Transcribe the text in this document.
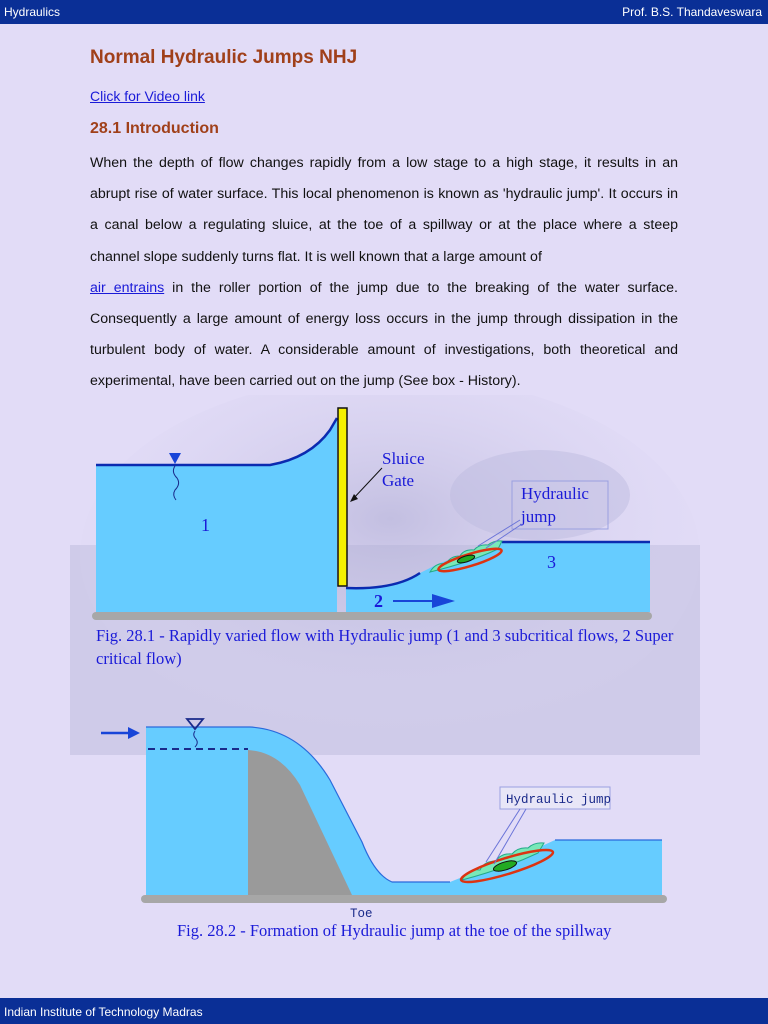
Hydraulics	Prof. B.S. Thandaveswara
Normal Hydraulic Jumps NHJ
Click for Video link
28.1 Introduction
When the depth of flow changes rapidly from a low stage to a high stage, it results in an abrupt rise of water surface. This local phenomenon is known as 'hydraulic jump'. It occurs in a canal below a regulating sluice, at the toe of a spillway or at the place where a steep channel slope suddenly turns flat. It is well known that a large amount of
air entrains in the roller portion of the jump due to the breaking of the water surface. Consequently a large amount of energy loss occurs in the jump through dissipation in the turbulent body of water. A considerable amount of investigations, both theoretical and experimental, have been carried out on the jump (See box - History).
Sluice
Gate
Hydraulic
jump
1
2
3
Fig. 28.1 - Rapidly varied flow with Hydraulic jump (1 and 3 subcritical flows, 2 Super critical flow)
Hydraulic jump
Toe
Fig. 28.2 - Formation of Hydraulic jump at the toe of the spillway
Indian Institute of Technology Madras
